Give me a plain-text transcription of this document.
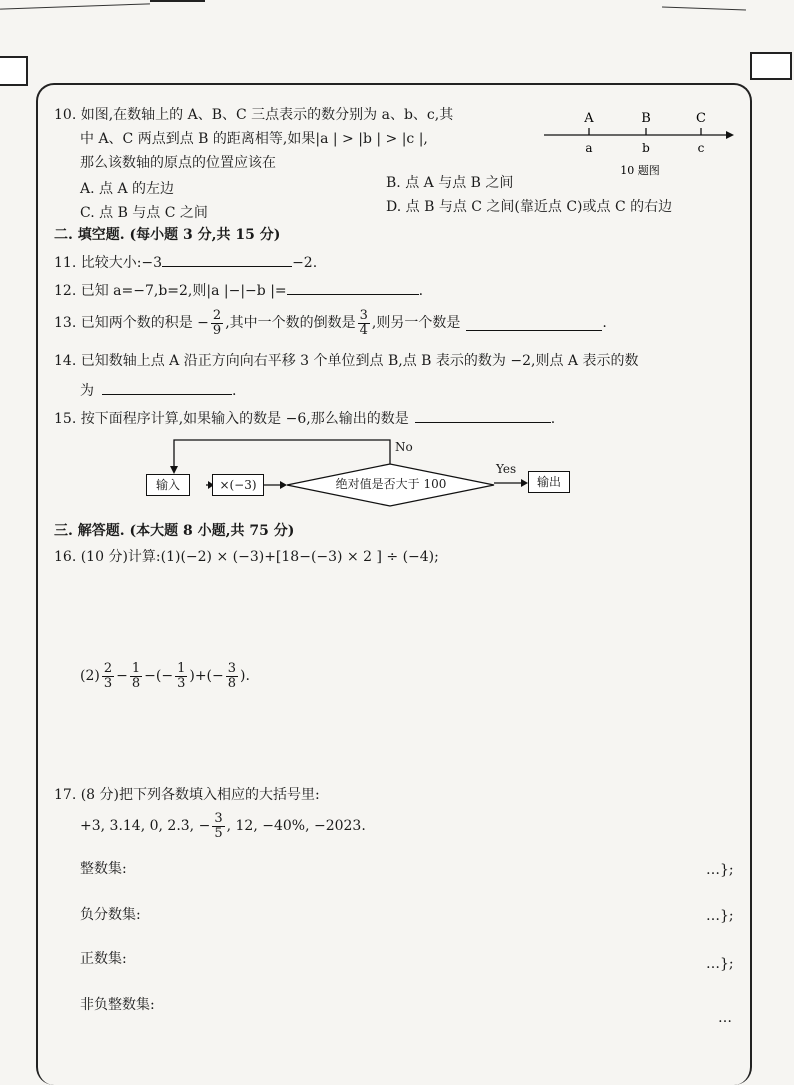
10. 如图,在数轴上的 A、B、C 三点表示的数分别为 a、b、c,其
中 A、C 两点到点 B 的距离相等,如果|a | > |b | > |c |,
那么该数轴的原点的位置应该在
A. 点 A 的左边	B. 点 A 与点 B 之间
C. 点 B 与点 C 之间	D. 点 B 与点 C 之间(靠近点 C)或点 C 的右边
A	B	C
a	b	c
10 题图
二. 填空题. (每小题 3 分,共 15 分)
11. 比较大小:−3	−2.
12. 已知 a=−7,b=2,则|a |−|−b |=	.
13. 已知两个数的积是 − $\frac{2}{9}$ ,其中一个数的倒数是 $\frac{3}{4}$ ,则另一个数是	.
14. 已知数轴上点 A 沿正方向向右平移 3 个单位到点 B,点 B 表示的数为 −2,则点 A 表示的数
为	.
15. 按下面程序计算,如果输入的数是 −6,那么输出的数是	.
No
Yes
输入	×(−3)	绝对值是否大于 100	输出
三. 解答题. (本大题 8 小题,共 75 分)
16. (10 分)计算:(1)(−2) × (−3)+[18−(−3) × 2 ] ÷ (−4);
$(2) \frac{2}{3} - \frac{1}{8}$ −(− $\frac{1}{3}$ )+(− $\frac{3}{8}$ ).
17. (8 分)把下列各数填入相应的大括号里:
+3, 3.14, 0, 2.3̇, − $\frac{3}{5}$ , 12, −40%, −2023.
整数集:	…};
负分数集:	…};
正数集:	…};
非负整数集:
…
